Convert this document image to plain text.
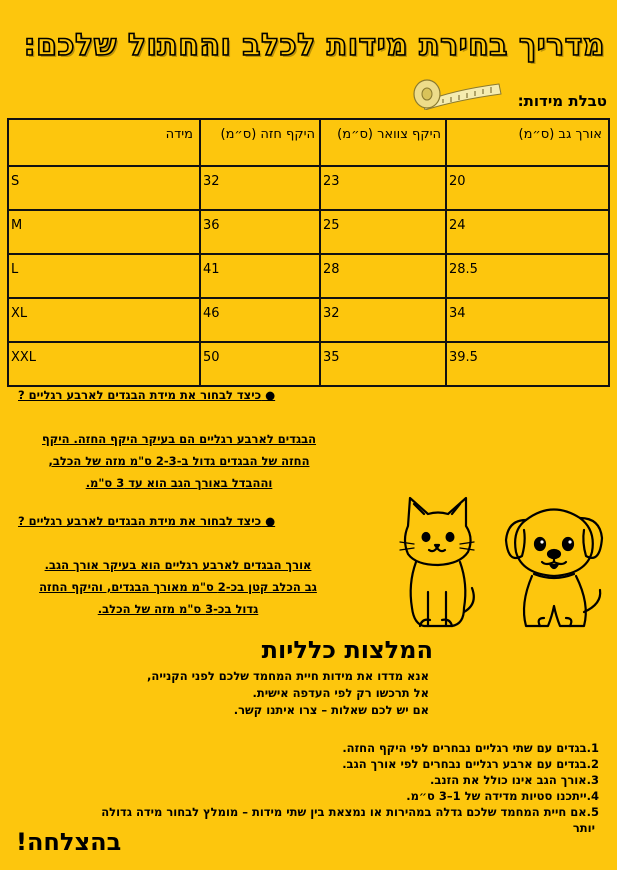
מדריך בחירת מידות לכלב והחתול שלכם:
טבלת מידות:
מידה	היקף חזה (ס״מ)	היקף צוואר (ס״מ)	אורך גב (ס״מ)
S	32	23	20
M	36	25	24
L	41	28	28.5
XL	46	32	34
XXL	50	35	39.5
● כיצד לבחור את מידת הבגדים לארבע רגליים ?
הבגדים לארבע רגליים הם בעיקר היקף החזה. היקף
החזה של הבגדים גדול ב-2-3 ס"מ מזה של הכלב,
וההבדל באורך הגב הוא עד 3 ס"מ.
● כיצד לבחור את מידת הבגדים לארבע רגליים ?
אורך הבגדים לארבע רגליים הוא בעיקר אורך הגב.
גב הכלב קטן בכ-2 ס"מ מאורך הבגדים, והיקף החזה
גדול בכ-3 ס"מ מזה של הכלב.
המלצות כלליות
אנא מדדו את מידות חיית המחמד שלכם לפני הקנייה,
אל תרכשו רק לפי העדפה אישית.
אם יש לכם שאלות – צרו איתנו קשר.
1.בגדים עם שתי רגליים נבחרים לפי היקף החזה.
2.בגדים עם ארבע רגליים נבחרים לפי אורך הגב.
3.אורך הגב אינו כולל את הזנב.
4.ייתכנו סטיות מדידה של 1–3 ס״מ.
5.אם חיית המחמד שלכם גדלה במהירות או נמצאת בין שתי מידות – מומלץ לבחור מידה גדולה
יותר
בהצלחה!
